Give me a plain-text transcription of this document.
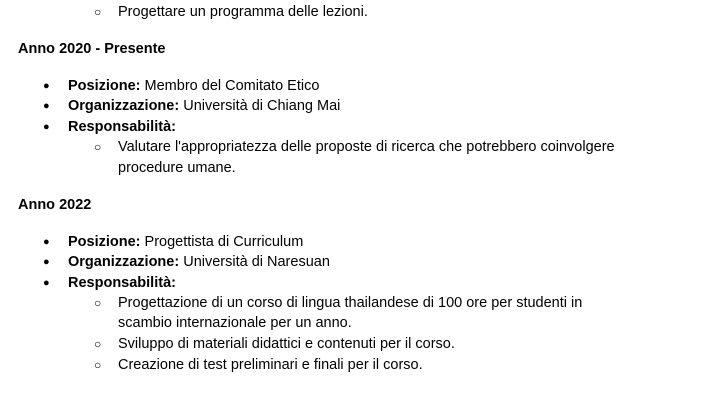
○ Progettare un programma delle lezioni.
Anno 2020 - Presente
● Posizione: Membro del Comitato Etico
● Organizzazione: Università di Chiang Mai
● Responsabilità:
○ Valutare l'appropriatezza delle proposte di ricerca che potrebbero coinvolgere
procedure umane.
Anno 2022
● Posizione: Progettista di Curriculum
● Organizzazione: Università di Naresuan
● Responsabilità:
○ Progettazione di un corso di lingua thailandese di 100 ore per studenti in
scambio internazionale per un anno.
○ Sviluppo di materiali didattici e contenuti per il corso.
○ Creazione di test preliminari e finali per il corso.
